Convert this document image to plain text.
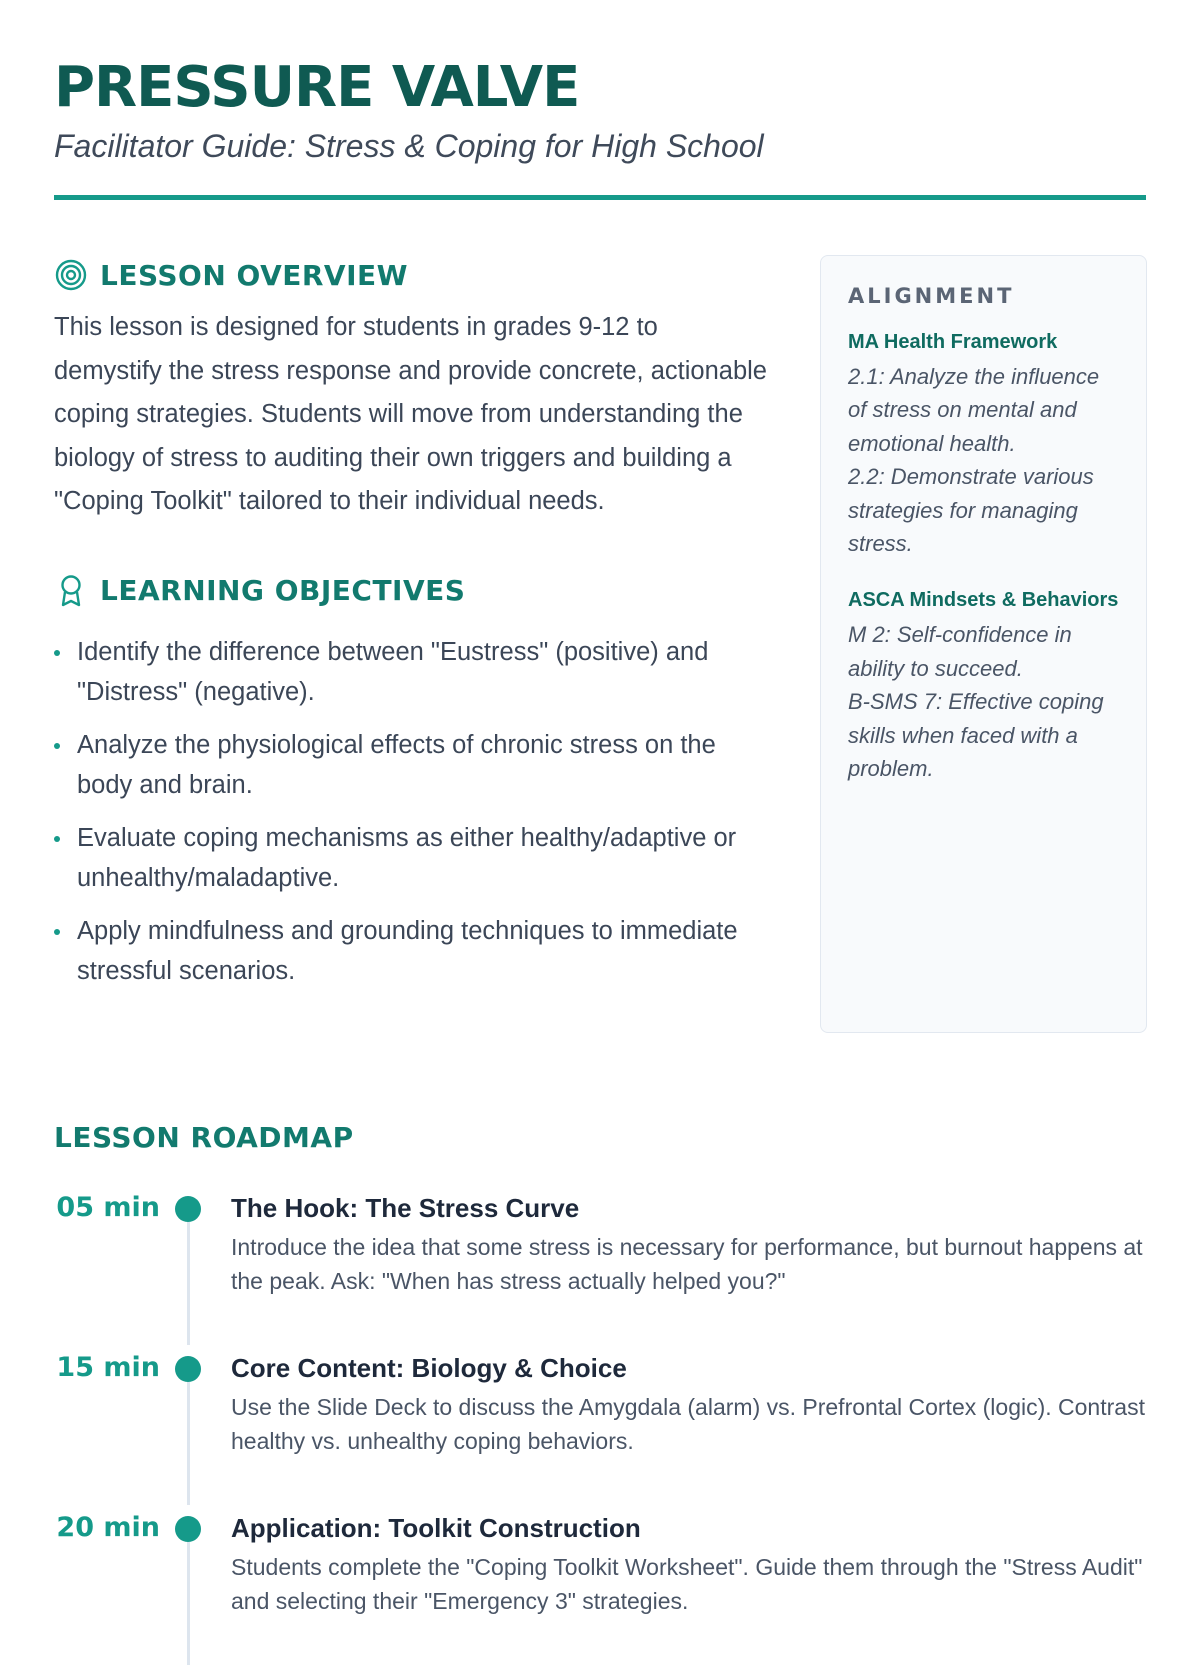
PRESSURE VALVE
Facilitator Guide: Stress & Coping for High School
LESSON OVERVIEW

This lesson is designed for students in grades 9-12 to demystify the stress response and provide concrete, actionable coping strategies. Students will move from understanding the biology of stress to auditing their own triggers and building a "Coping Toolkit" tailored to their individual needs.

LEARNING OBJECTIVES
Identify the difference between "Eustress" (positive) and "Distress" (negative).
Analyze the physiological effects of chronic stress on the body and brain.
Evaluate coping mechanisms as either healthy/adaptive or unhealthy/maladaptive.
Apply mindfulness and grounding techniques to immediate stressful scenarios.
ALIGNMENT
MA Health Framework
2.1: Analyze the influence of stress on mental and emotional health.
2.2: Demonstrate various strategies for managing stress.
ASCA Mindsets & Behaviors
M 2: Self-confidence in ability to succeed.
B-SMS 7: Effective coping skills when faced with a problem.
LESSON ROADMAP
05 min	The Hook: The Stress Curve
Introduce the idea that some stress is necessary for performance, but burnout happens at the peak. Ask: "When has stress actually helped you?"
15 min	Core Content: Biology & Choice
Use the Slide Deck to discuss the Amygdala (alarm) vs. Prefrontal Cortex (logic). Contrast healthy vs. unhealthy coping behaviors.
20 min	Application: Toolkit Construction
Students complete the "Coping Toolkit Worksheet". Guide them through the "Stress Audit" and selecting their "Emergency 3" strategies.
